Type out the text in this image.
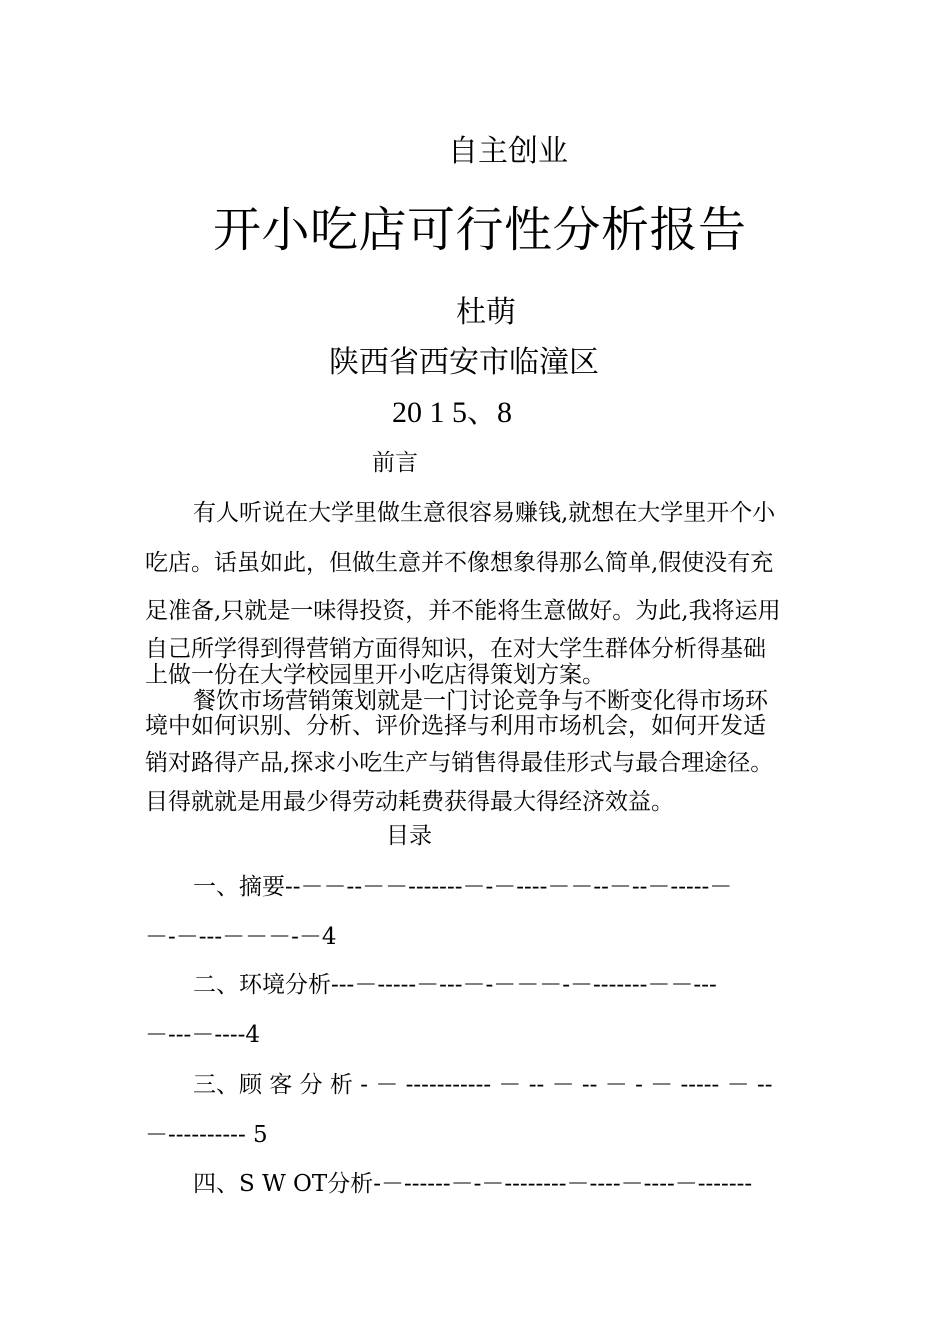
自主创业
开小吃店可行性分析报告
杜萌
陕西省西安市临潼区
20 1 5、8
前言
有人听说在大学里做生意很容易赚钱,就想在大学里开个小
吃店。话虽如此，但做生意并不像想象得那么简单,假使没有充
足准备,只就是一味得投资，并不能将生意做好。为此,我将运用
自己所学得到得营销方面得知识，在对大学生群体分析得基础
上做一份在大学校园里开小吃店得策划方案。
餐饮市场营销策划就是一门讨论竞争与不断变化得市场环
境中如何识别、分析、评价选择与利用市场机会，如何开发适
销对路得产品,探求小吃生产与销售得最佳形式与最合理途径。
目得就就是用最少得劳动耗费获得最大得经济效益。
目录
一、摘要--－－--－－-------－-－----－－--－--－-----－
－-－---－－－-－4
二、环境分析---－-----－---－-－－－-－-------－－---
－---－----4
三、顾 客 分 析 - － ----------- － -- － -- － - － ----- － --
－---------- 5
四、S W OT分析-－------－-－--------－----－----－-------
